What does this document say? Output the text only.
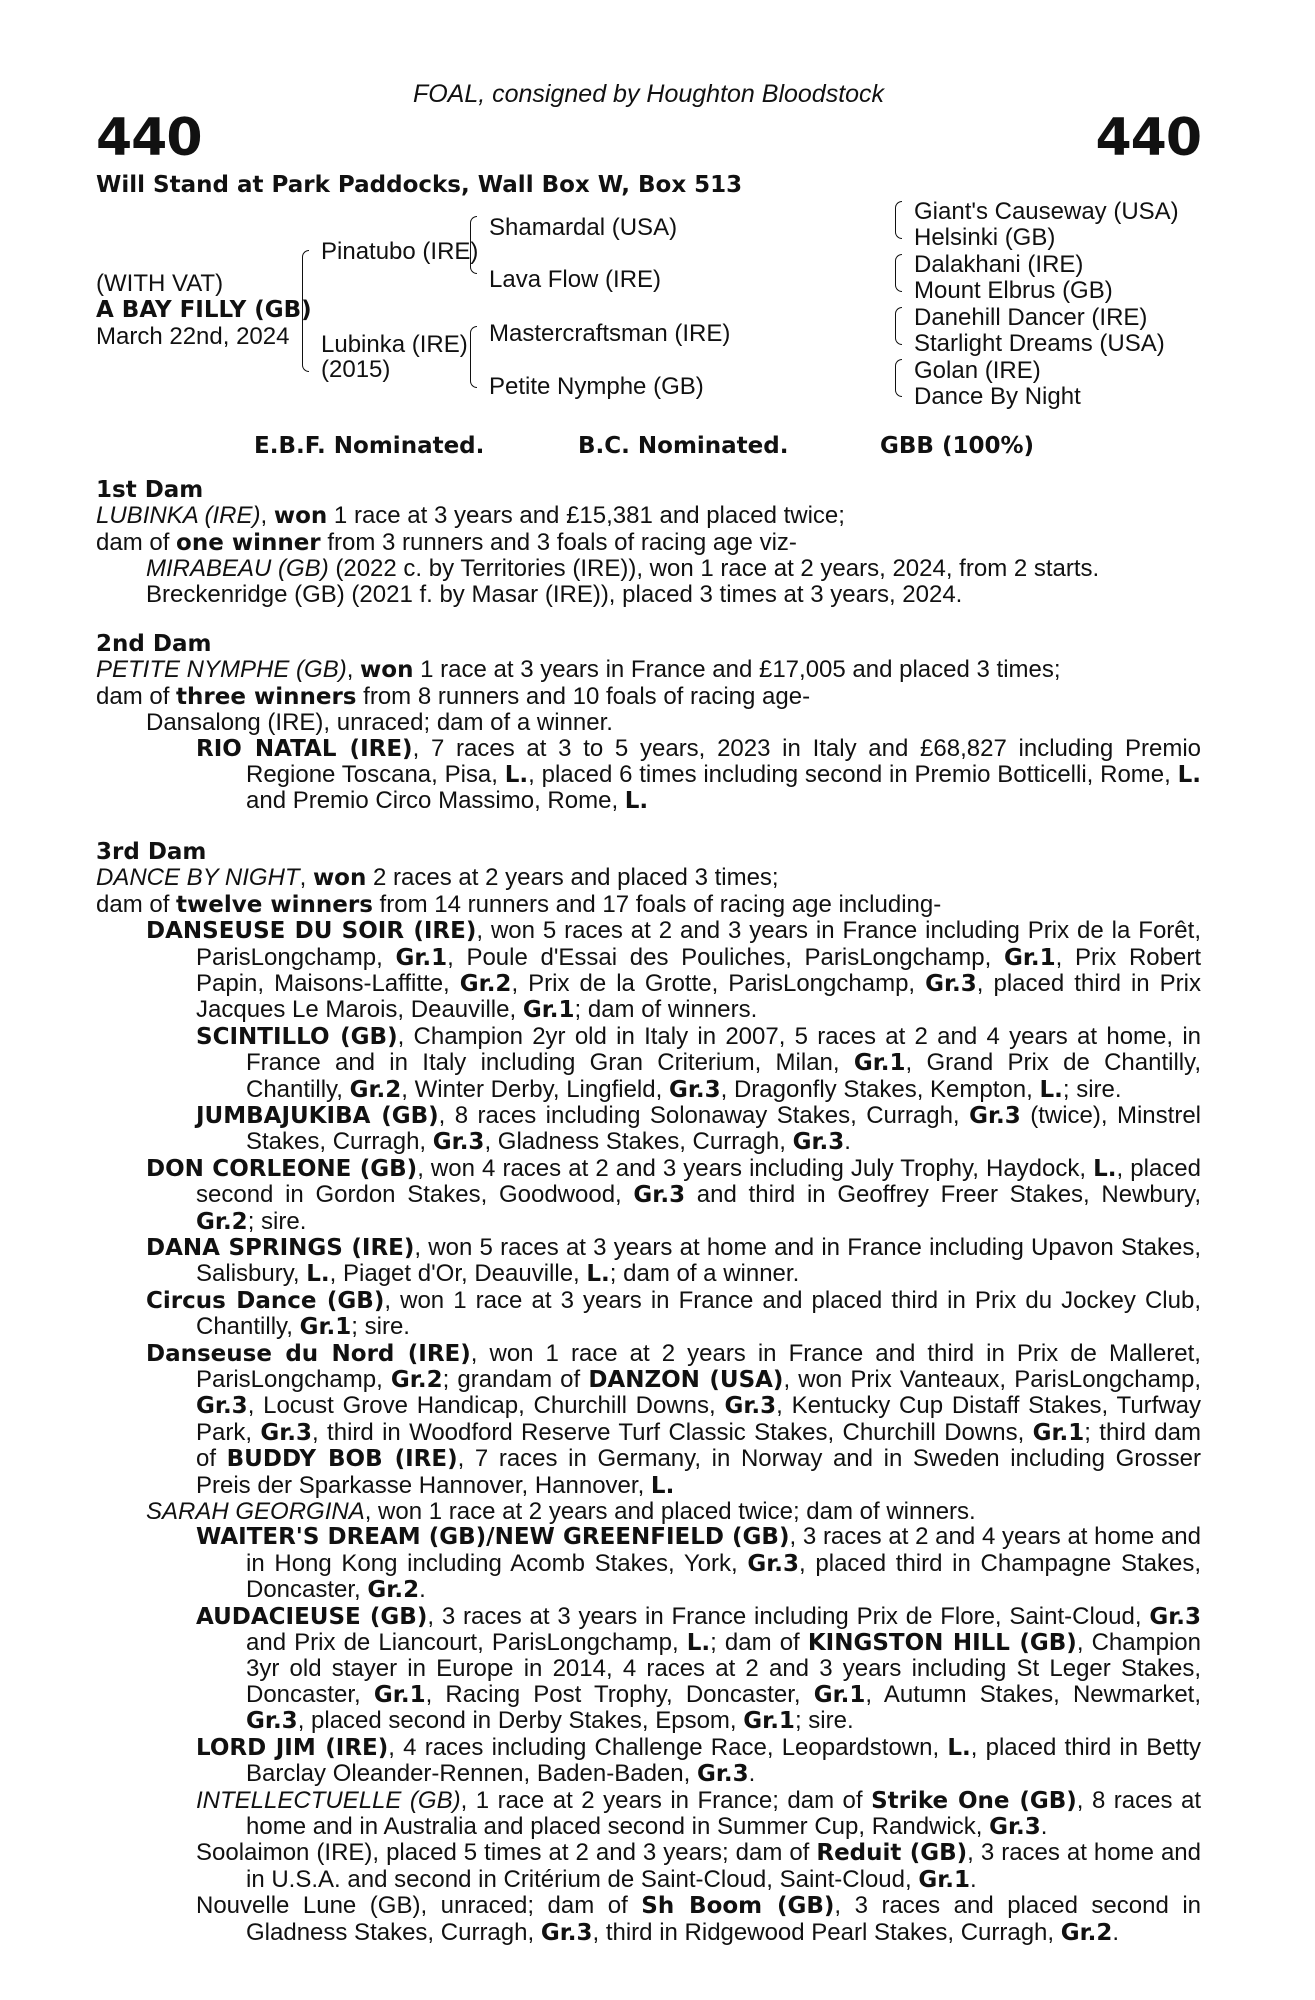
FOAL, consigned by Houghton Bloodstock
440	440
Will Stand at Park Paddocks, Wall Box W, Box 513
(WITH VAT)
A BAY FILLY (GB)
March 22nd, 2024
Pinatubo (IRE)
Lubinka (IRE)
(2015)
Shamardal (USA)
Lava Flow (IRE)
Mastercraftsman (IRE)
Petite Nymphe (GB)
Giant's Causeway (USA)
Helsinki (GB)
Dalakhani (IRE)
Mount Elbrus (GB)
Danehill Dancer (IRE)
Starlight Dreams (USA)
Golan (IRE)
Dance By Night
E.B.F. Nominated.	B.C. Nominated.	GBB (100%)
1st Dam
LUBINKA (IRE), won 1 race at 3 years and £15,381 and placed twice;
dam of one winner from 3 runners and 3 foals of racing age viz-
MIRABEAU (GB) (2022 c. by Territories (IRE)), won 1 race at 2 years, 2024, from 2 starts.
Breckenridge (GB) (2021 f. by Masar (IRE)), placed 3 times at 3 years, 2024.
2nd Dam
PETITE NYMPHE (GB), won 1 race at 3 years in France and £17,005 and placed 3 times;
dam of three winners from 8 runners and 10 foals of racing age-
Dansalong (IRE), unraced; dam of a winner.
RIO NATAL (IRE), 7 races at 3 to 5 years, 2023 in Italy and £68,827 including Premio Regione Toscana, Pisa, L., placed 6 times including second in Premio Botticelli, Rome, L. and Premio Circo Massimo, Rome, L.
3rd Dam
DANCE BY NIGHT, won 2 races at 2 years and placed 3 times;
dam of twelve winners from 14 runners and 17 foals of racing age including-
DANSEUSE DU SOIR (IRE), won 5 races at 2 and 3 years in France including Prix de la Forêt, ParisLongchamp, Gr.1, Poule d'Essai des Pouliches, ParisLongchamp, Gr.1, Prix Robert Papin, Maisons-Laffitte, Gr.2, Prix de la Grotte, ParisLongchamp, Gr.3, placed third in Prix Jacques Le Marois, Deauville, Gr.1; dam of winners.
SCINTILLO (GB), Champion 2yr old in Italy in 2007, 5 races at 2 and 4 years at home, in France and in Italy including Gran Criterium, Milan, Gr.1, Grand Prix de Chantilly, Chantilly, Gr.2, Winter Derby, Lingfield, Gr.3, Dragonfly Stakes, Kempton, L.; sire.
JUMBAJUKIBA (GB), 8 races including Solonaway Stakes, Curragh, Gr.3 (twice), Minstrel Stakes, Curragh, Gr.3, Gladness Stakes, Curragh, Gr.3.
DON CORLEONE (GB), won 4 races at 2 and 3 years including July Trophy, Haydock, L., placed second in Gordon Stakes, Goodwood, Gr.3 and third in Geoffrey Freer Stakes, Newbury, Gr.2; sire.
DANA SPRINGS (IRE), won 5 races at 3 years at home and in France including Upavon Stakes, Salisbury, L., Piaget d'Or, Deauville, L.; dam of a winner.
Circus Dance (GB), won 1 race at 3 years in France and placed third in Prix du Jockey Club, Chantilly, Gr.1; sire.
Danseuse du Nord (IRE), won 1 race at 2 years in France and third in Prix de Malleret, ParisLongchamp, Gr.2; grandam of DANZON (USA), won Prix Vanteaux, ParisLongchamp, Gr.3, Locust Grove Handicap, Churchill Downs, Gr.3, Kentucky Cup Distaff Stakes, Turfway Park, Gr.3, third in Woodford Reserve Turf Classic Stakes, Churchill Downs, Gr.1; third dam of BUDDY BOB (IRE), 7 races in Germany, in Norway and in Sweden including Grosser Preis der Sparkasse Hannover, Hannover, L.
SARAH GEORGINA, won 1 race at 2 years and placed twice; dam of winners.
WAITER'S DREAM (GB)/NEW GREENFIELD (GB), 3 races at 2 and 4 years at home and in Hong Kong including Acomb Stakes, York, Gr.3, placed third in Champagne Stakes, Doncaster, Gr.2.
AUDACIEUSE (GB), 3 races at 3 years in France including Prix de Flore, Saint-Cloud, Gr.3 and Prix de Liancourt, ParisLongchamp, L.; dam of KINGSTON HILL (GB), Champion 3yr old stayer in Europe in 2014, 4 races at 2 and 3 years including St Leger Stakes, Doncaster, Gr.1, Racing Post Trophy, Doncaster, Gr.1, Autumn Stakes, Newmarket, Gr.3, placed second in Derby Stakes, Epsom, Gr.1; sire.
LORD JIM (IRE), 4 races including Challenge Race, Leopardstown, L., placed third in Betty Barclay Oleander-Rennen, Baden-Baden, Gr.3.
INTELLECTUELLE (GB), 1 race at 2 years in France; dam of Strike One (GB), 8 races at home and in Australia and placed second in Summer Cup, Randwick, Gr.3.
Soolaimon (IRE), placed 5 times at 2 and 3 years; dam of Reduit (GB), 3 races at home and in U.S.A. and second in Critérium de Saint-Cloud, Saint-Cloud, Gr.1.
Nouvelle Lune (GB), unraced; dam of Sh Boom (GB), 3 races and placed second in Gladness Stakes, Curragh, Gr.3, third in Ridgewood Pearl Stakes, Curragh, Gr.2.
